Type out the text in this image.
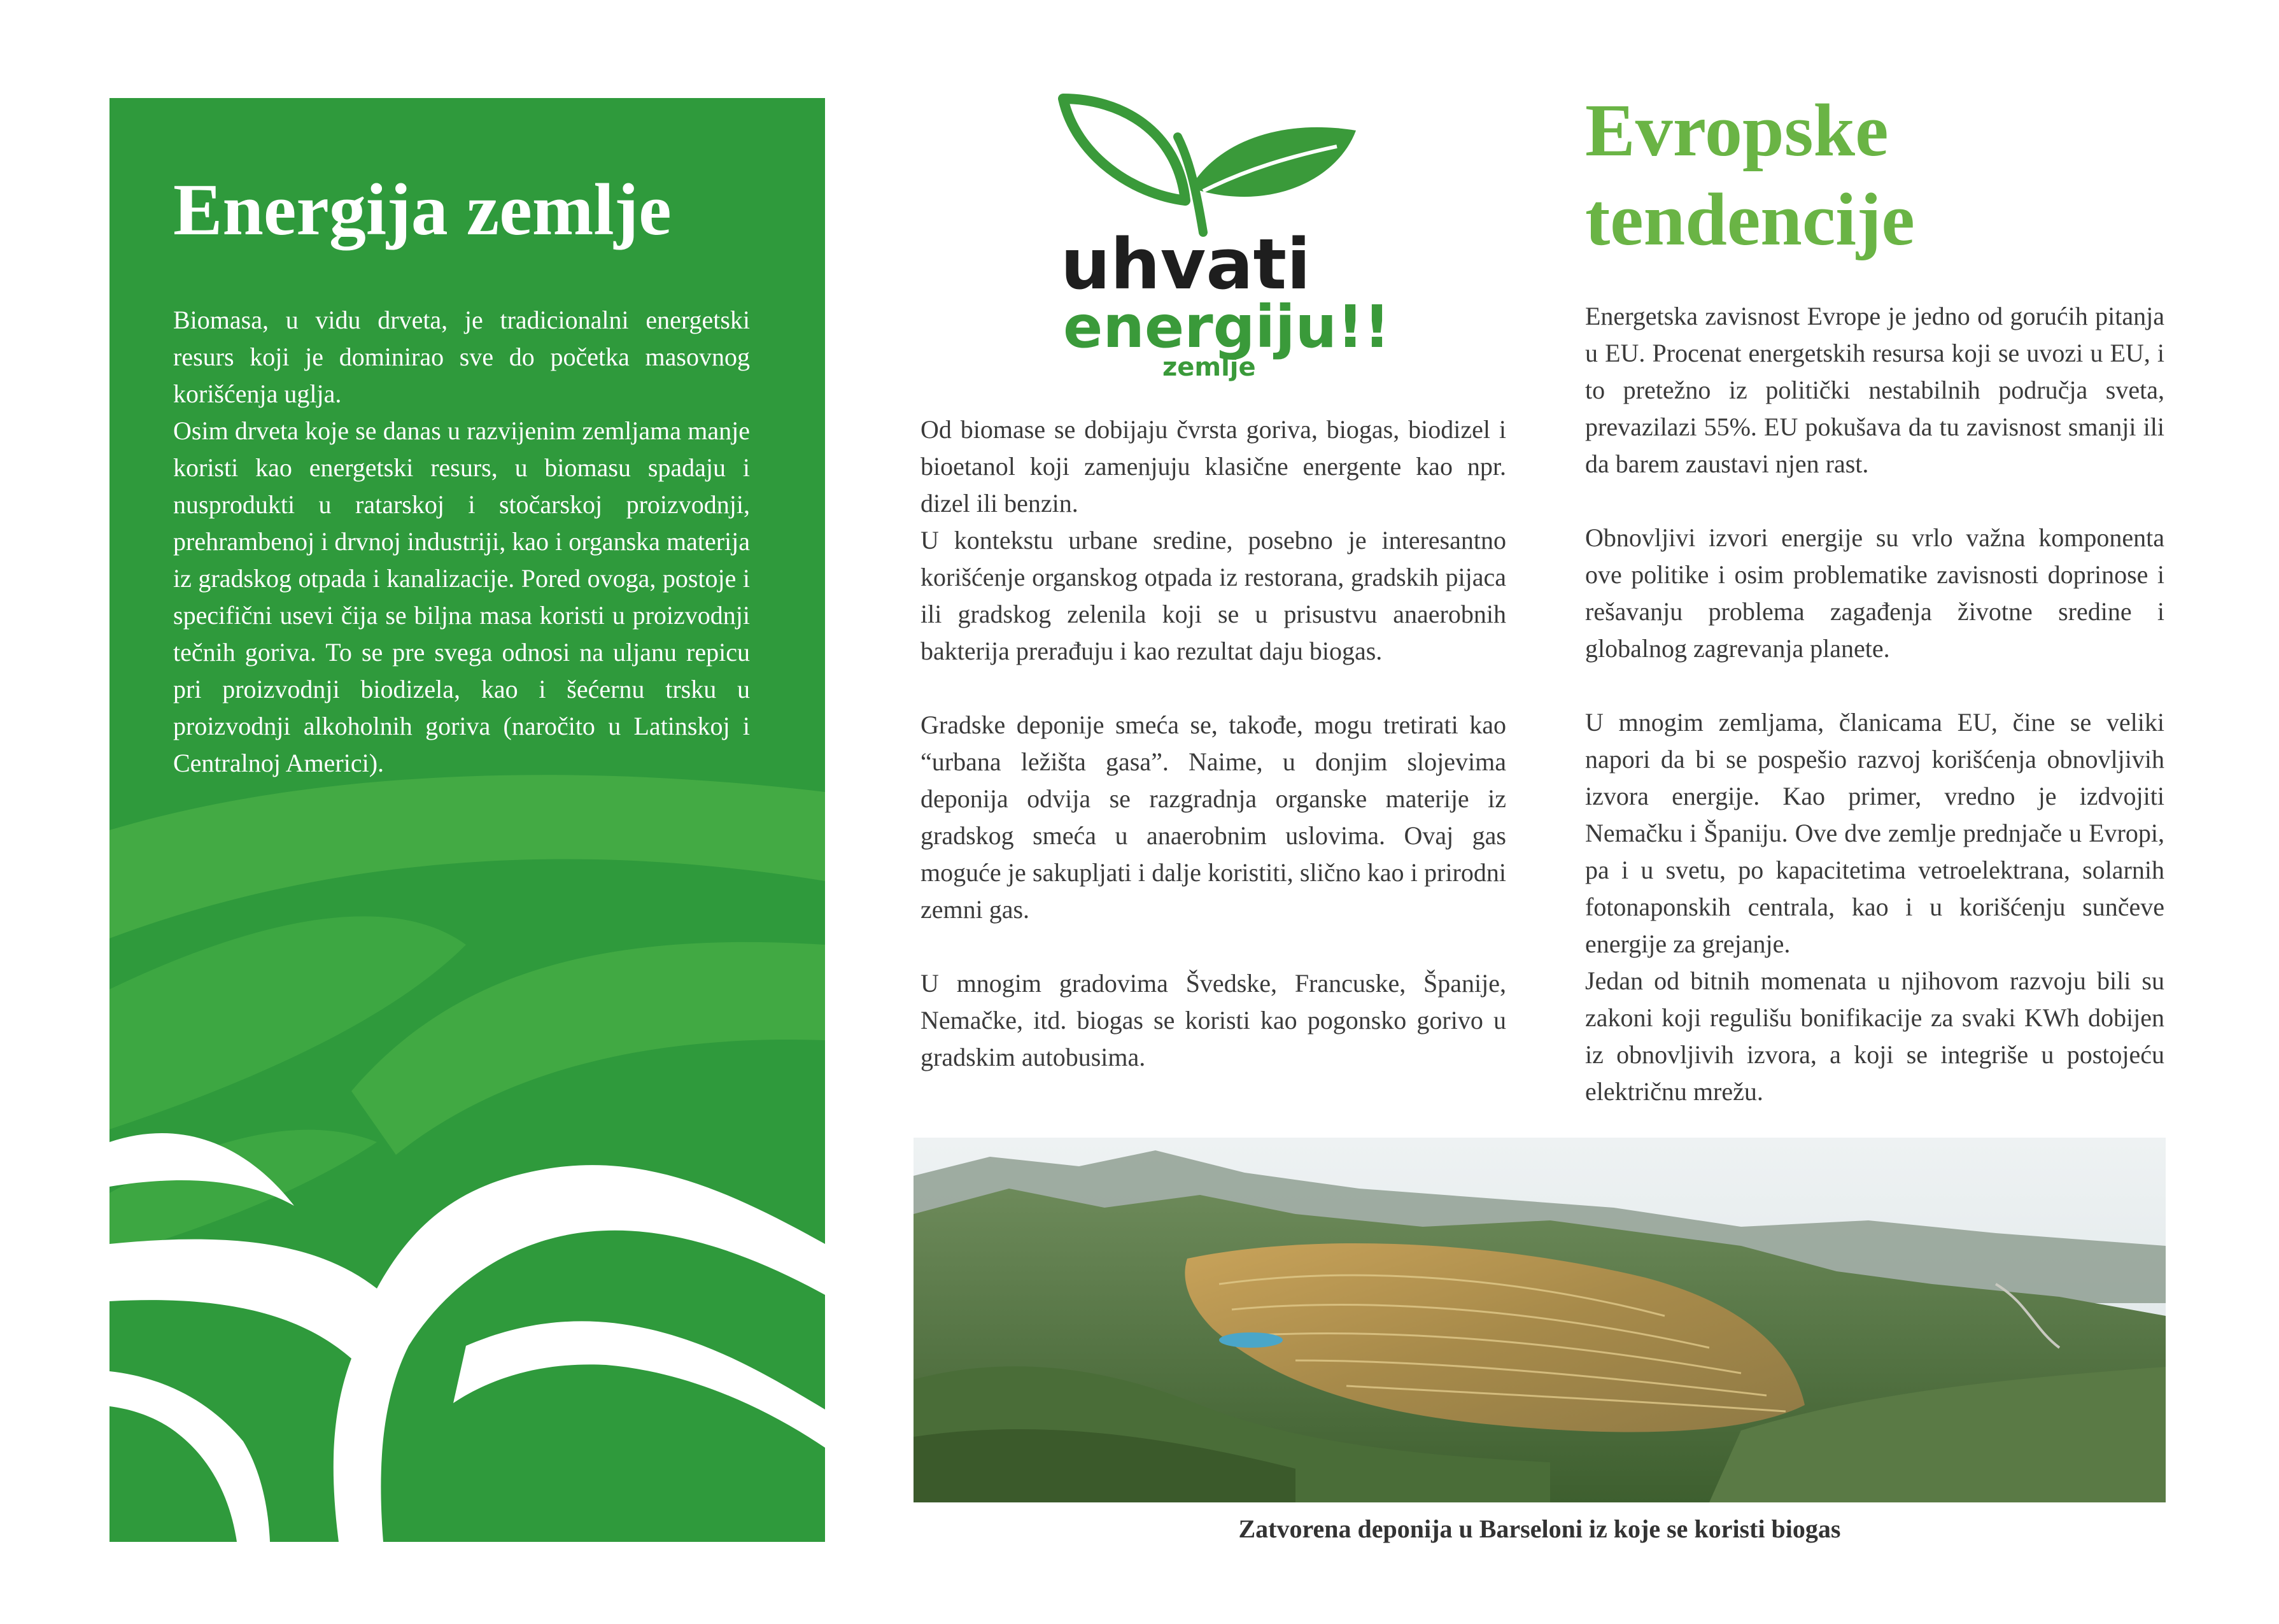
Energija zemlje

Biomasa, u vidu drveta, je tradicionalni energetski resurs koji je dominirao sve do početka masovnog korišćenja uglja.

Osim drveta koje se danas u razvijenim zemljama manje koristi kao energetski resurs, u biomasu spadaju i nusprodukti u ratarskoj i stočarskoj proizvodnji, prehrambenoj i drvnoj industriji, kao i organska materija iz gradskog otpada i kanalizacije. Pored ovoga, postoje i specifični usevi čija se biljna masa koristi u proizvodnji tečnih goriva. To se pre svega odnosi na uljanu repicu pri proizvodnji biodizela, kao i šećernu trsku u proizvodnji alkoholnih goriva (naročito u Latinskoj i Centralnoj Americi).

uhvati
energiju!!
zemlje

Od biomase se dobijaju čvrsta goriva, biogas, biodizel i bioetanol koji zamenjuju klasične energente kao npr. dizel ili benzin.

U kontekstu urbane sredine, posebno je interesantno korišćenje organskog otpada iz restorana, gradskih pijaca ili gradskog zelenila koji se u prisustvu anaerobnih bakterija prerađuju i kao rezultat daju biogas.

Gradske deponije smeća se, takođe, mogu tretirati kao “urbana ležišta gasa”. Naime, u donjim slojevima deponija odvija se razgradnja organske materije iz gradskog smeća u anaerobnim uslovima. Ovaj gas moguće je sakupljati i dalje koristiti, slično kao i prirodni zemni gas.

U mnogim gradovima Švedske, Francuske, Španije, Nemačke, itd. biogas se koristi kao pogonsko gorivo u gradskim autobusima.

Evropske
tendencije

Energetska zavisnost Evrope je jedno od gorućih pitanja u EU. Procenat energetskih resursa koji se uvozi u EU, i to pretežno iz politički nestabilnih područja sveta, prevazilazi 55%. EU pokušava da tu zavisnost smanji ili da barem zaustavi njen rast.

Obnovljivi izvori energije su vrlo važna komponenta ove politike i osim problematike zavisnosti doprinose i rešavanju problema zagađenja životne sredine i globalnog zagrevanja planete.

U mnogim zemljama, članicama EU, čine se veliki napori da bi se pospešio razvoj korišćenja obnovljivih izvora energije. Kao primer, vredno je izdvojiti Nemačku i Španiju. Ove dve zemlje prednjače u Evropi, pa i u svetu, po kapacitetima vetroelektrana, solarnih fotonaponskih centrala, kao i u korišćenju sunčeve energije za grejanje.

Jedan od bitnih momenata u njihovom razvoju bili su zakoni koji regulišu bonifikacije za svaki KWh dobijen iz obnovljivih izvora, a koji se integriše u postojeću električnu mrežu.

Zatvorena deponija u Barseloni iz koje se koristi biogas
